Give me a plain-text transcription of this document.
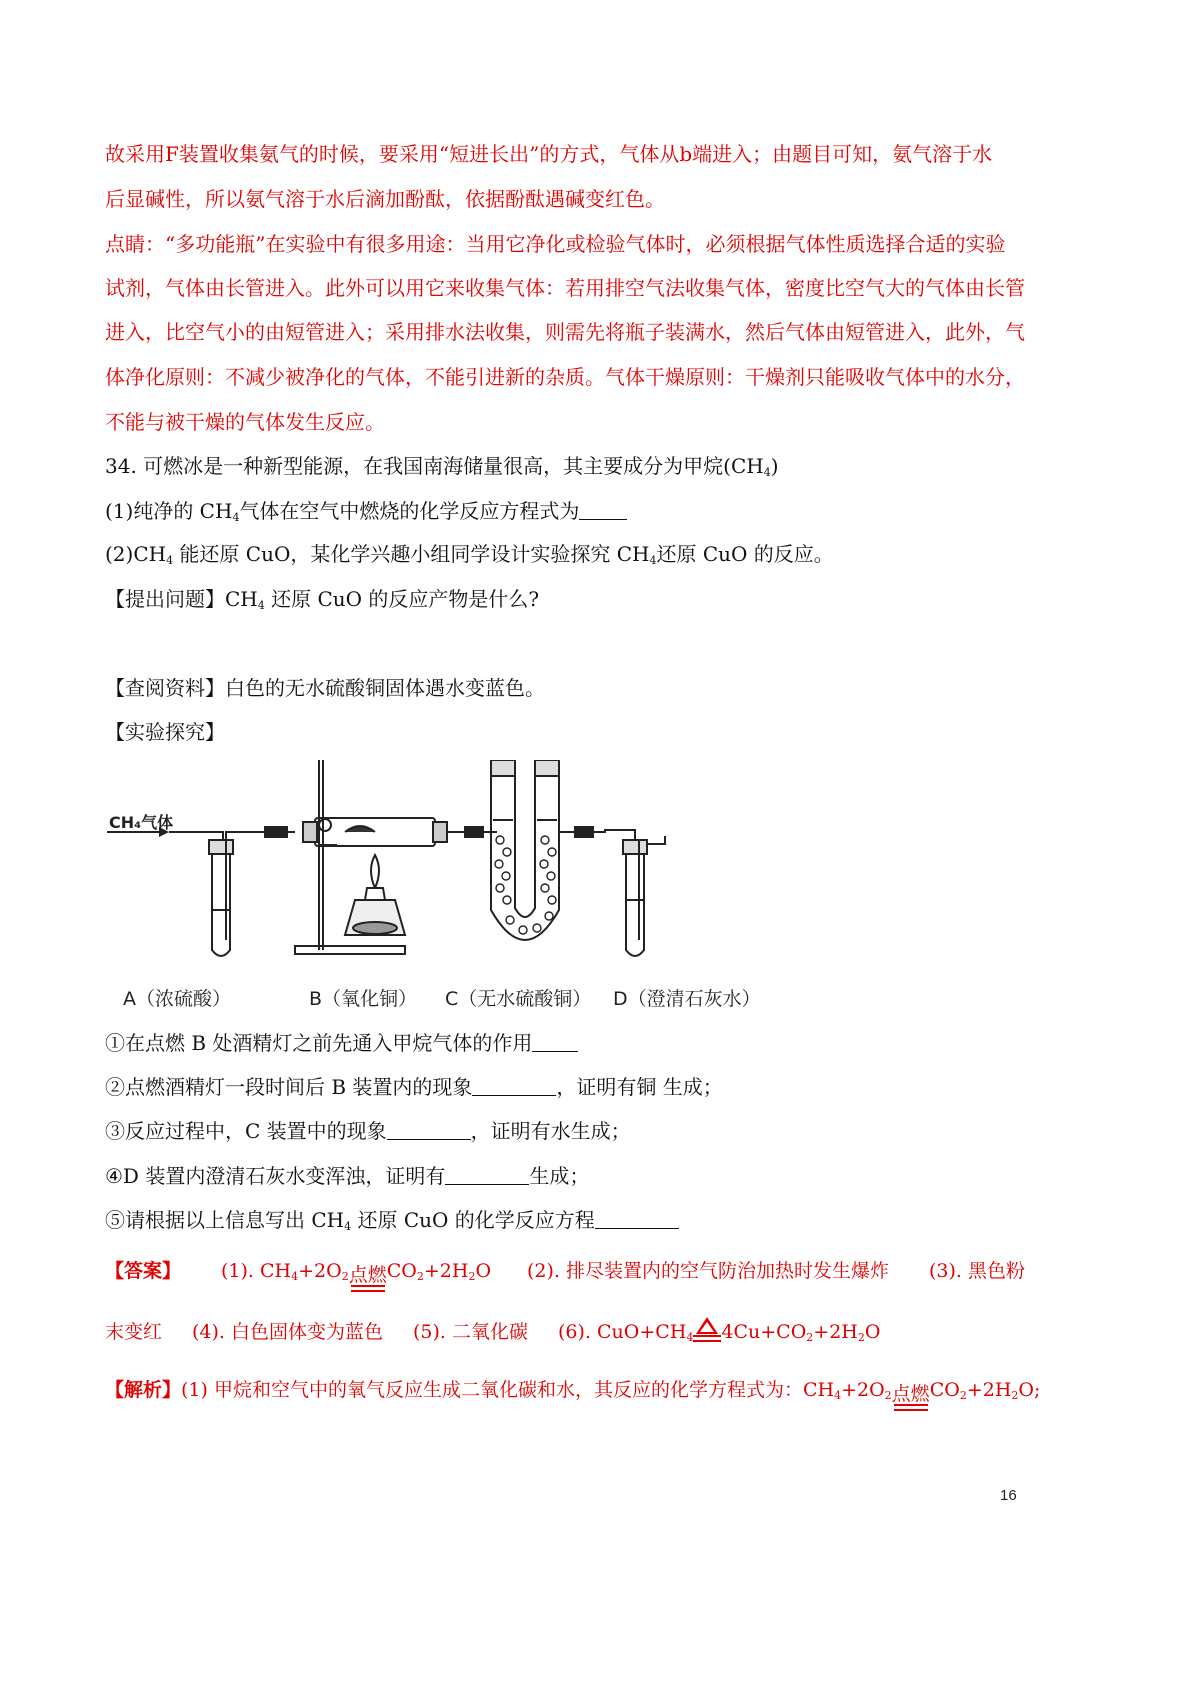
故采用F装置收集氨气的时候，要采用“短进长出”的方式，气体从b端进入；由题目可知，氨气溶于水
后显碱性，所以氨气溶于水后滴加酚酞，依据酚酞遇碱变红色。
点睛：“多功能瓶”在实验中有很多用途：当用它净化或检验气体时，必须根据气体性质选择合适的实验
试剂，气体由长管进入。此外可以用它来收集气体：若用排空气法收集气体，密度比空气大的气体由长管
进入，比空气小的由短管进入；采用排水法收集，则需先将瓶子装满水，然后气体由短管进入，此外，气
体净化原则：不减少被净化的气体，不能引进新的杂质。气体干燥原则：干燥剂只能吸收气体中的水分，
不能与被干燥的气体发生反应。
34. 可燃冰是一种新型能源，在我国南海储量很高，其主要成分为甲烷$(CH_4)$
(1)纯净的 $CH_4$气体在空气中燃烧的化学反应方程式为
$(2)CH_4$ 能还原 CuO，某化学兴趣小组同学设计实验探究 $CH_4$还原 CuO 的反应。
【提出问题】$CH_4$ 还原 CuO 的反应产物是什么?
【查阅资料】白色的无水硫酸铜固体遇水变蓝色。
【实验探究】
CH₄气体
A（浓硫酸）	B（氧化铜） C（无水硫酸铜） D（澄清石灰水）
①在点燃 B 处酒精灯之前先通入甲烷气体的作用
②点燃酒精灯一段时间后 B 装置内的现象	，证明有铜 生成；
③反应过程中，C 装置中的现象	，证明有水生成；
④D 装置内澄清石灰水变浑浊，证明有	生成；
⑤请根据以上信息写出 $CH_4$ 还原 CuO 的化学反应方程
【答案】 (1). $CH_4+2O_2$ 点燃 $CO_2+2H_2O$ (2). 排尽装置内的空气防治加热时发生爆炸 (3). 黑色粉
末变红 (4). 白色固体变为蓝色 (5). 二氧化碳 (6). $CuO+CH_4$ $4Cu+CO_2+2H_2O$
【解析】(1) 甲烷和空气中的氧气反应生成二氧化碳和水，其反应的化学方程式为：$CH_4+2O_2$ 点燃 $CO_2+2H_2O$;
16
